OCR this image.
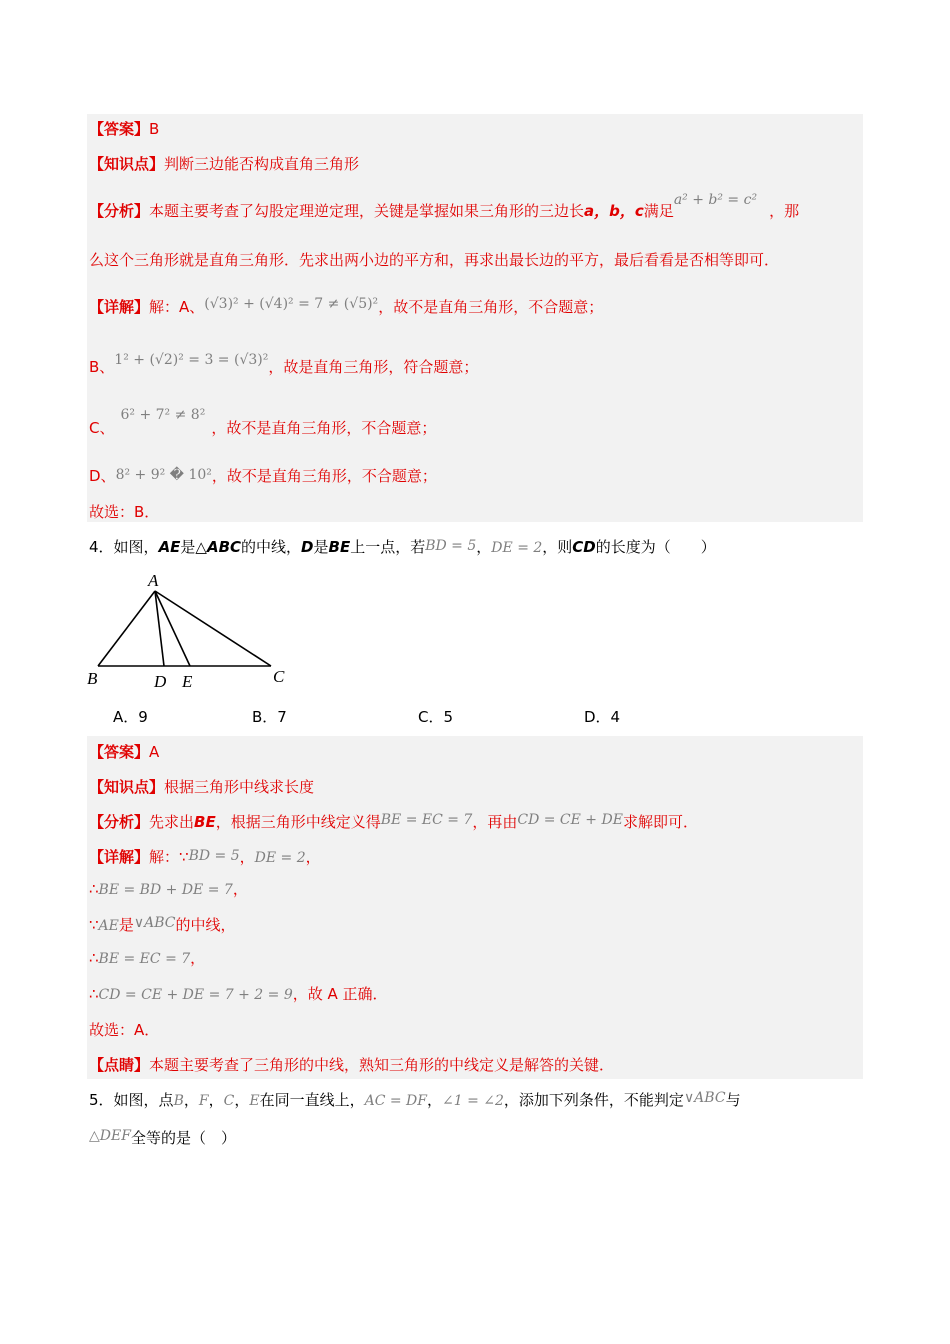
【答案】B
【知识点】判断三边能否构成直角三角形
【分析】本题主要考查了勾股定理逆定理，关键是掌握如果三角形的三边长a，b，c满足a² + b² = c²，那
么这个三角形就是直角三角形．先求出两小边的平方和，再求出最长边的平方，最后看看是否相等即可．
【详解】解：A、(√3)² + (√4)² = 7 ≠ (√5)²，故不是直角三角形，不合题意；
B、1² + (√2)² = 3 = (√3)²，故是直角三角形，符合题意；
C、6² + 7² ≠ 8²，故不是直角三角形，不合题意；
D、8² + 9² � 10²，故不是直角三角形，不合题意；
故选：B．
4．如图，AE是△ABC的中线，D是BE上一点，若BD = 5，DE = 2，则CD的长度为（　　）
A
B	D E	C
A．9	B．7	C．5	D．4
【答案】A
【知识点】根据三角形中线求长度
【分析】先求出BE，根据三角形中线定义得BE = EC = 7，再由CD = CE + DE求解即可．
【详解】解：∵BD = 5，DE = 2，
∴BE = BD + DE = 7，
∵AE是∨ABC的中线，
∴BE = EC = 7，
∴CD = CE + DE = 7 + 2 = 9，故 A 正确．
故选：A．
【点睛】本题主要考查了三角形的中线，熟知三角形的中线定义是解答的关键．
5．如图，点B，F，C，E在同一直线上，AC = DF，∠1 = ∠2，添加下列条件，不能判定∨ABC与
△DEF全等的是（　）
